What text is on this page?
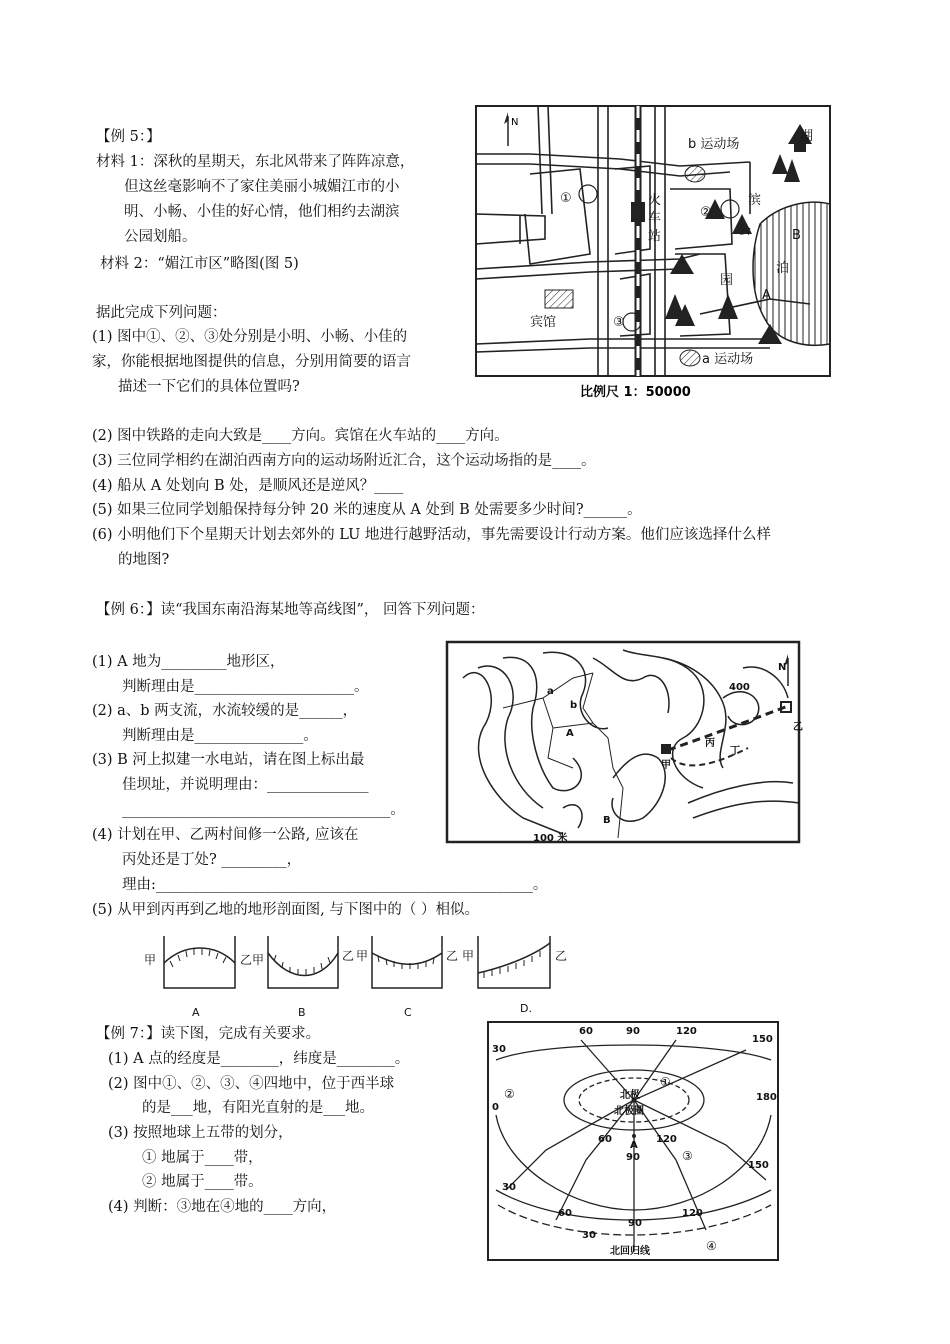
【例 5：】
材料 1：深秋的星期天，东北风带来了阵阵凉意，
但这丝毫影响不了家住美丽小城媚江市的小
明、小畅、小佳的好心情，他们相约去湖滨
公园划船。
材料 2：“媚江市区”略图(图 5)
据此完成下列问题：
(1) 图中①、②、③处分别是小明、小畅、小佳的
家，你能根据地图提供的信息，分别用简要的语言
描述一下它们的具体位置吗?
(2) 图中铁路的走向大致是____方向。宾馆在火车站的____方向。
(3) 三位同学相约在湖泊西南方向的运动场附近汇合，这个运动场指的是____。
(4) 船从 A 处划向 B 处，是顺风还是逆风？____
(5) 如果三位同学划船保持每分钟 20 米的速度从 A 处到 B 处需要多少时间?______。
(6) 小明他们下个星期天计划去郊外的 LU 地进行越野活动，事先需要设计行动方案。他们应该选择什么样
的地图?
N
b 运动场
湖
①
②
③
火
车
站
滨
公
园
B
泊
A
宾馆
a 运动场
比例尺 1：50000
【例 6：】读“我国东南沿海某地等高线图”， 回答下列问题：
(1) A 地为_________地形区，
判断理由是______________________。
(2) a、b 两支流，水流较缓的是______，
判断理由是_______________。
(3) B 河上拟建一水电站，请在图上标出最
佳坝址，并说明理由：______________
_____________________________________。
(4) 计划在甲、乙两村间修一公路, 应该在
丙处还是丁处? _________，
理由:____________________________________________________。
(5) 从甲到丙再到乙地的地形剖面图, 与下图中的（ ）相似。
a
b
A
B
400
100 米
N
乙
丙
丁
甲
甲	乙 甲	乙 甲	乙 甲	乙
A	B	C	D.
【例 7：】读下图，完成有关要求。
(1) A 点的经度是________，纬度是________。
(2) 图中①、②、③、④四地中，位于西半球
的是___地，有阳光直射的是___地。
(3) 按照地球上五带的划分，
① 地属于____带，
② 地属于____带。
(4) 判断：③地在④地的____方向，
60	90	120
150
30
0
180
60
90
120
150
30
60
90
120
30
北极
北极圈
北回归线
A
①
②
③
④
